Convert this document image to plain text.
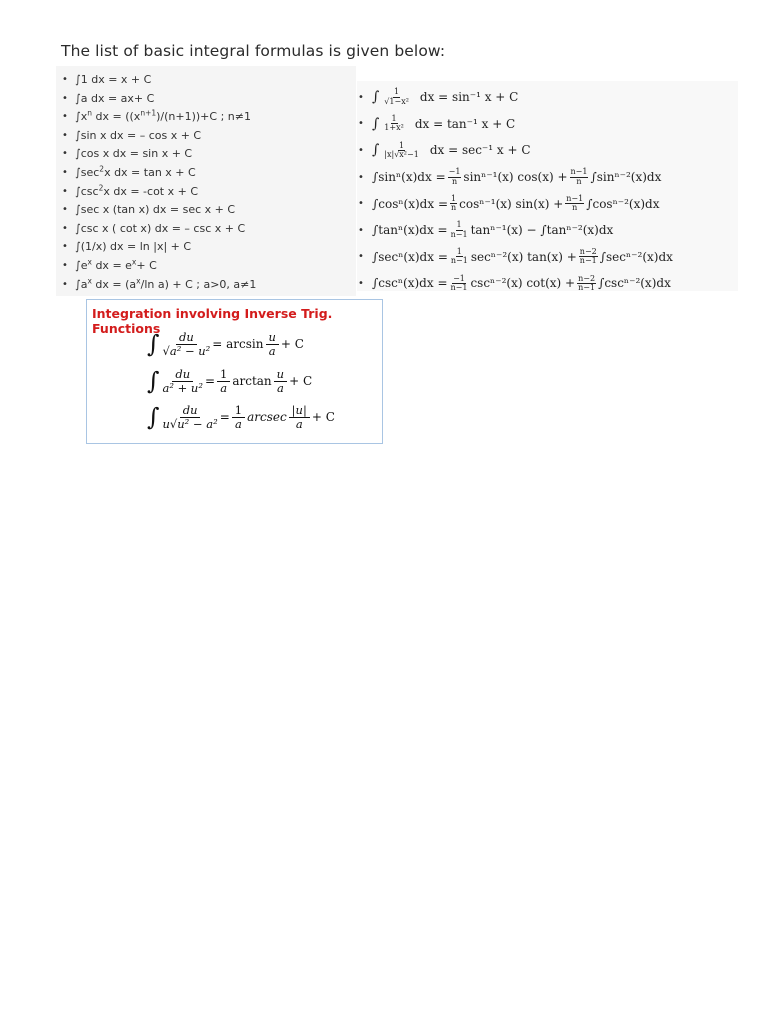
The list of basic integral formulas is given below:
• ∫1 dx = x + C
• ∫a dx = ax+ C
• $\int x^n$ dx = $((x^{n+1})/(n+1))+C$ ; n≠1
• ∫sin x dx = – cos x + C
• ∫cos x dx = sin x + C
• $\int\sec^2x$ dx = tan x + C
• $\int\csc^2x$ dx = -cot x + C
• ∫sec x (tan x) dx = sec x + C
• ∫csc x ( cot x) dx = – csc x + C
• ∫(1/x) dx = ln |x| + C
• $\int e^x$ dx = $e^x+ C$
• $\int a^x$ dx = ($a^x/\ln$ a) + C ; a>0, a≠1
• ∫ $\frac{1}{\text{√1−x²}}$ dx = sin⁻¹ x + C
• ∫ $\frac{1}{\text{1+x²}}$ dx = tan⁻¹ x + C
• ∫ $\frac{1}{\text{|x|√x²−1}}$ dx = sec⁻¹ x + C
• $\int\sin^n(x)dx = \frac{-1}{n} \sin^{n-1}(x) \cos(x) + \frac{n-1}{n} \int\sin^{n-2}(x)dx$
• $\int\cos^n(x)dx = \frac{1}{n} \cos^{n-1}(x) \sin(x) + \frac{n-1}{n} \int\cos^{n-2}(x)dx$
• $\int\tan^n(x)dx = \frac{1}{n-1} \tan^{n-1}(x) - \int\tan^{n-2}(x)dx$
• $\int\sec^n(x)dx = \frac{1}{n-1} \sec^{n-2}(x) \tan(x) + \frac{n-2}{n-1} \int\sec^{n-2}(x)dx$
• $\int\csc^n(x)dx = \frac{-1}{n-1} \csc^{n-2}(x) \cot(x) + \frac{n-2}{n-1} \int\csc^{n-2}(x)dx$
Integration involving Inverse Trig. Functions
∫ $\frac{du}{\text{√a² − u²}} = \arcsin \frac{u}{a} + C$
∫ $\frac{du}{\text{a² + u²}} = \frac{1}{a}$ $\arctan \frac{u}{a} + C$
∫ $\frac{du}{\text{u√u² − a²}} = \frac{1}{a}$ arcsec $\frac{|u|}{a} + C$
